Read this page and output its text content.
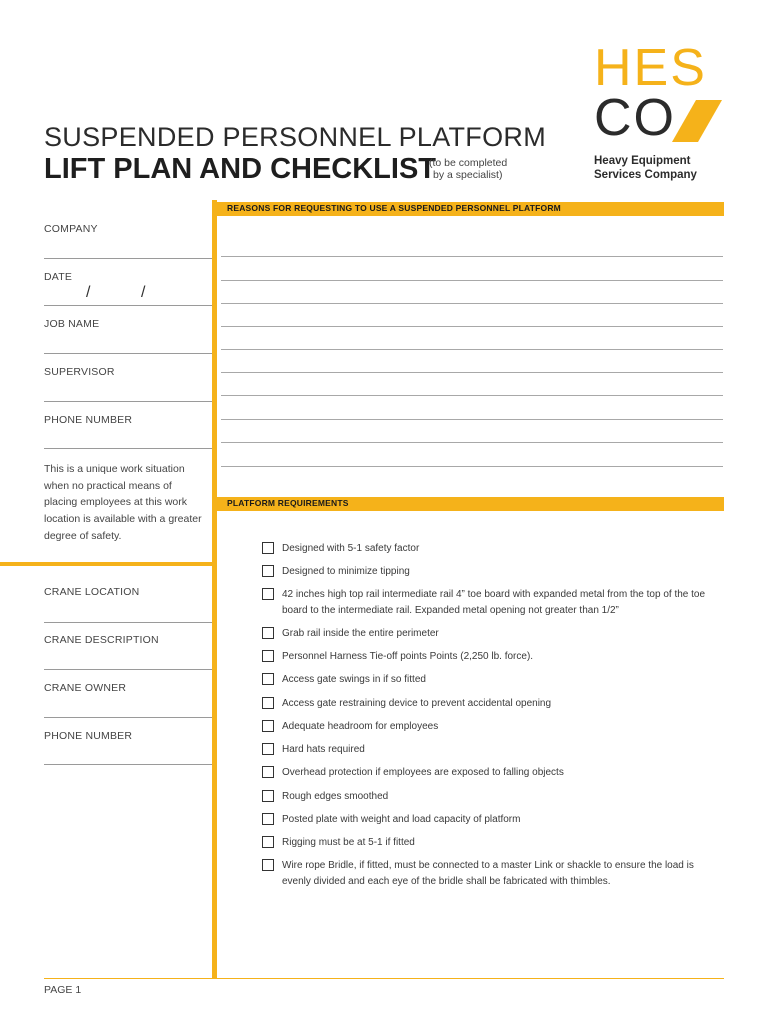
SUSPENDED PERSONNEL PLATFORM
LIFT PLAN AND CHECKLIST
(to be completed
by a specialist)
HES
CO
Heavy Equipment
Services Company
COMPANY
DATE
/	/
JOB NAME
SUPERVISOR
PHONE NUMBER
This is a unique work situation when no practical means of placing employees at this work location is available with a greater degree of safety.
CRANE LOCATION
CRANE DESCRIPTION
CRANE OWNER
PHONE NUMBER
REASONS FOR REQUESTING TO USE A SUSPENDED PERSONNEL PLATFORM
PLATFORM REQUIREMENTS
Designed with 5-1 safety factor
Designed to minimize tipping
42 inches high top rail intermediate rail 4” toe board with expanded metal from the top of the toe board to the intermediate rail. Expanded metal opening not greater than 1/2”
Grab rail inside the entire perimeter
Personnel Harness Tie-off points Points (2,250 lb. force).
Access gate swings in if so fitted
Access gate restraining device to prevent accidental opening
Adequate headroom for employees
Hard hats required
Overhead protection if employees are exposed to falling objects
Rough edges smoothed
Posted plate with weight and load capacity of platform
Rigging must be at 5-1 if fitted
Wire rope Bridle, if fitted, must be connected to a master Link or shackle to ensure the load is evenly divided and each eye of the bridle shall be fabricated with thimbles.
PAGE 1
